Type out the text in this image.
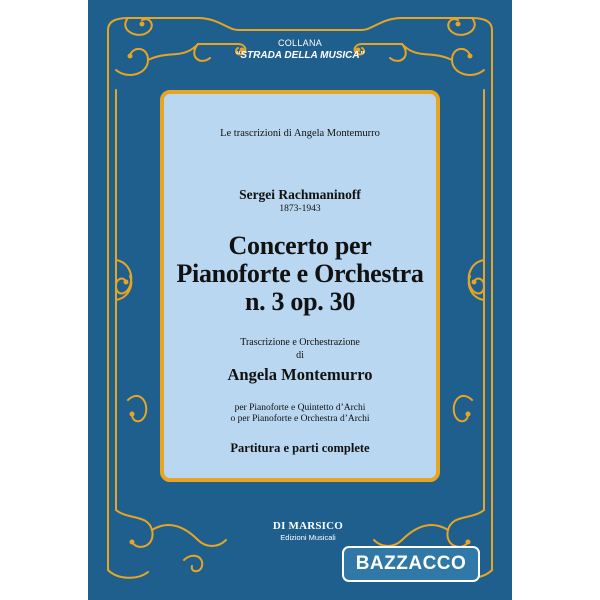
COLLANA
“STRADA DELLA MUSICA”
Le trascrizioni di Angela Montemurro
Sergei Rachmaninoff
1873-1943
Concerto per
Pianoforte e Orchestra
n. 3 op. 30
Trascrizione e Orchestrazione
di
Angela Montemurro
per Pianoforte e Quintetto d’Archi
o per Pianoforte e Orchestra d’Archi
Partitura e parti complete
DI MARSICO
Edizioni Musicali
BAZZACCO
